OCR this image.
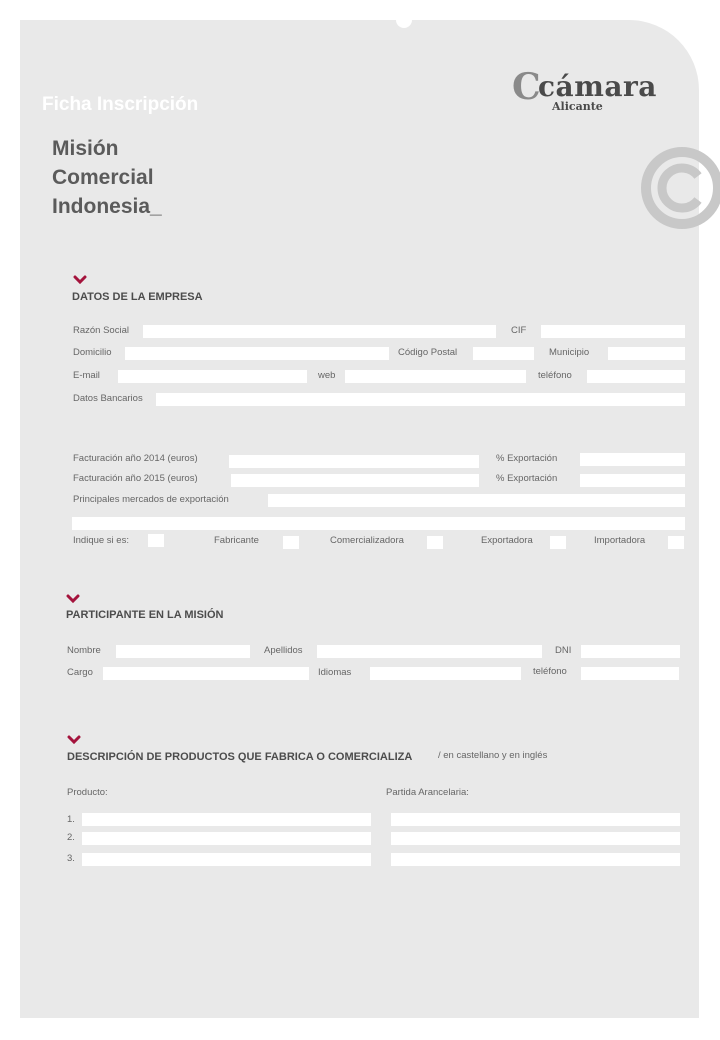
Ficha Inscripción
Misión
Comercial
Indonesia_
C
cámara
Alicante
DATOS DE LA EMPRESA
Razón Social	CIF
Domicilio	Código Postal	Municipio
E-mail	web	teléfono
Datos Bancarios
Facturación año 2014 (euros)	% Exportación
Facturación año 2015 (euros)	% Exportación
Principales mercados de exportación
Indique si es:	Fabricante	Comercializadora	Exportadora	Importadora
PARTICIPANTE EN LA MISIÓN
Nombre	Apellidos	DNI
Cargo	Idiomas	teléfono
DESCRIPCIÓN DE PRODUCTOS QUE FABRICA O COMERCIALIZA	/ en castellano y en inglés
Producto:	Partida Arancelaria:
1.
2.
3.
